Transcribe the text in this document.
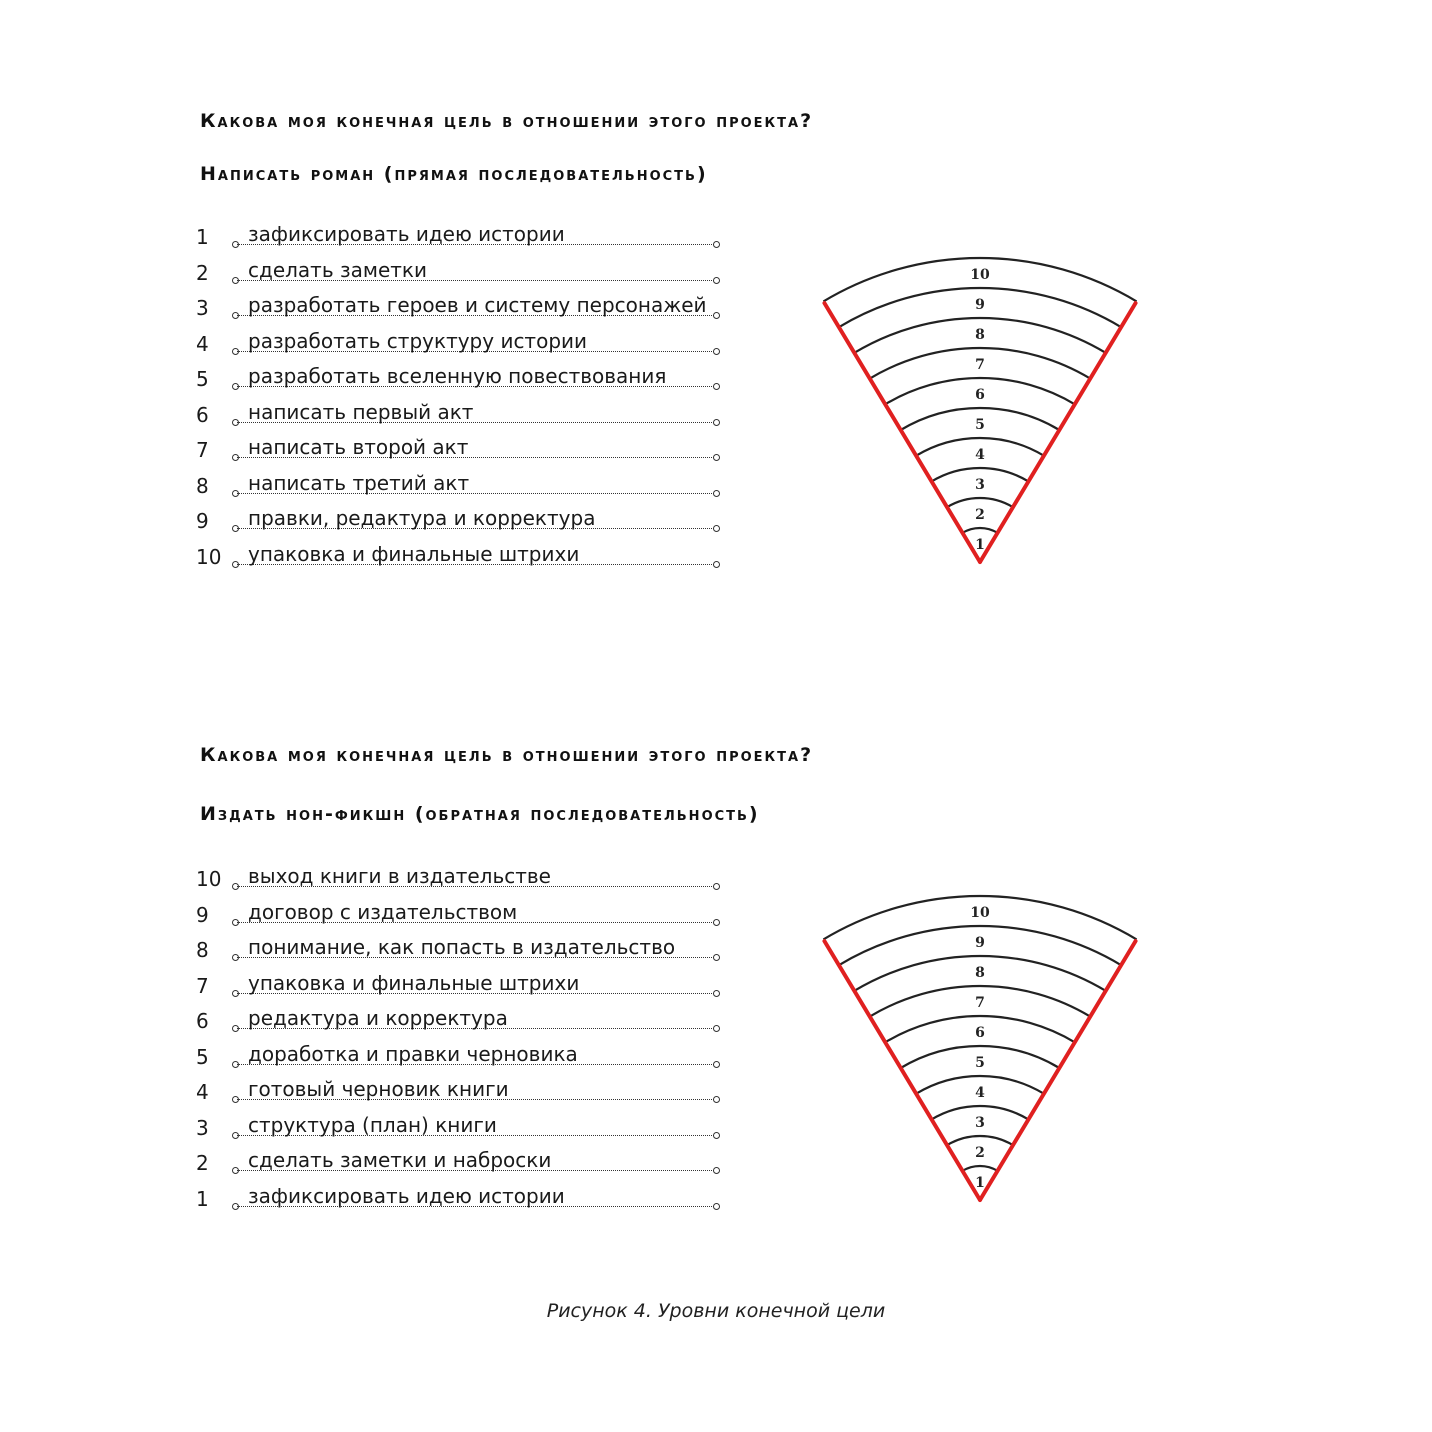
Какова моя конечная цель в отношении этого проекта?
Написать роман (прямая последовательность)
1	зафиксировать идею истории
2	сделать заметки
3	разработать героев и систему персонажей
4	разработать структуру истории
5	разработать вселенную повествования
6	написать первый акт
7	написать второй акт
8	написать третий акт
9	правки, редактура и корректура
10	упаковка и финальные штрихи	1
2
3
4
5
6
7
8
9
10
Какова моя конечная цель в отношении этого проекта?
Издать нон-фикшн (обратная последовательность)
10	выход книги в издательстве
9	договор с издательством
8	понимание, как попасть в издательство
7	упаковка и финальные штрихи
6	редактура и корректура
5	доработка и правки черновика
4	готовый черновик книги
3	структура (план) книги
2	сделать заметки и наброски
1	зафиксировать идею истории
1
2
3
4
5
6
7
8
9
10
Рисунок 4. Уровни конечной цели
